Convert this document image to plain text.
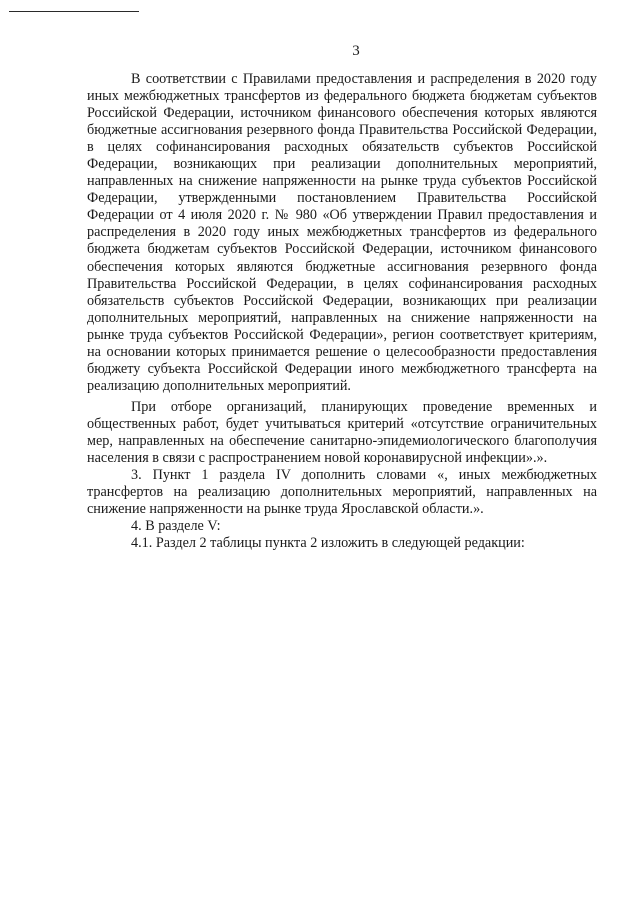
3

В соответствии с Правилами предоставления и распределения в 2020 году иных межбюджетных трансфертов из федерального бюджета бюджетам субъектов Российской Федерации, источником финансового обеспечения которых являются бюджетные ассигнования резервного фонда Правительства Российской Федерации, в целях софинансирования расходных обязательств субъектов Российской Федерации, возникающих при реализации дополнительных мероприятий, направленных на снижение напряженности на рынке труда субъектов Российской Федерации, утвержденными постановлением Правительства Российской Федерации от 4 июля 2020 г. № 980 «Об утверждении Правил предоставления и распределения в 2020 году иных межбюджетных трансфертов из федерального бюджета бюджетам субъектов Российской Федерации, источником финансового обеспечения которых являются бюджетные ассигнования резервного фонда Правительства Российской Федерации, в целях софинансирования расходных обязательств субъектов Российской Федерации, возникающих при реализации дополнительных мероприятий, направленных на снижение напряженности на рынке труда субъектов Российской Федерации», регион соответствует критериям, на основании которых принимается решение о целесообразности предоставления бюджету субъекта Российской Федерации иного межбюджетного трансферта на реализацию дополнительных мероприятий.

При отборе организаций, планирующих проведение временных и общественных работ, будет учитываться критерий «отсутствие ограничительных мер, направленных на обеспечение санитарно-эпидемиологического благополучия населения в связи с распространением новой коронавирусной инфекции».».

3. Пункт 1 раздела IV дополнить словами «, иных межбюджетных трансфертов на реализацию дополнительных мероприятий, направленных на снижение напряженности на рынке труда Ярославской области.».

4. В разделе V:

4.1. Раздел 2 таблицы пункта 2 изложить в следующей редакции:
